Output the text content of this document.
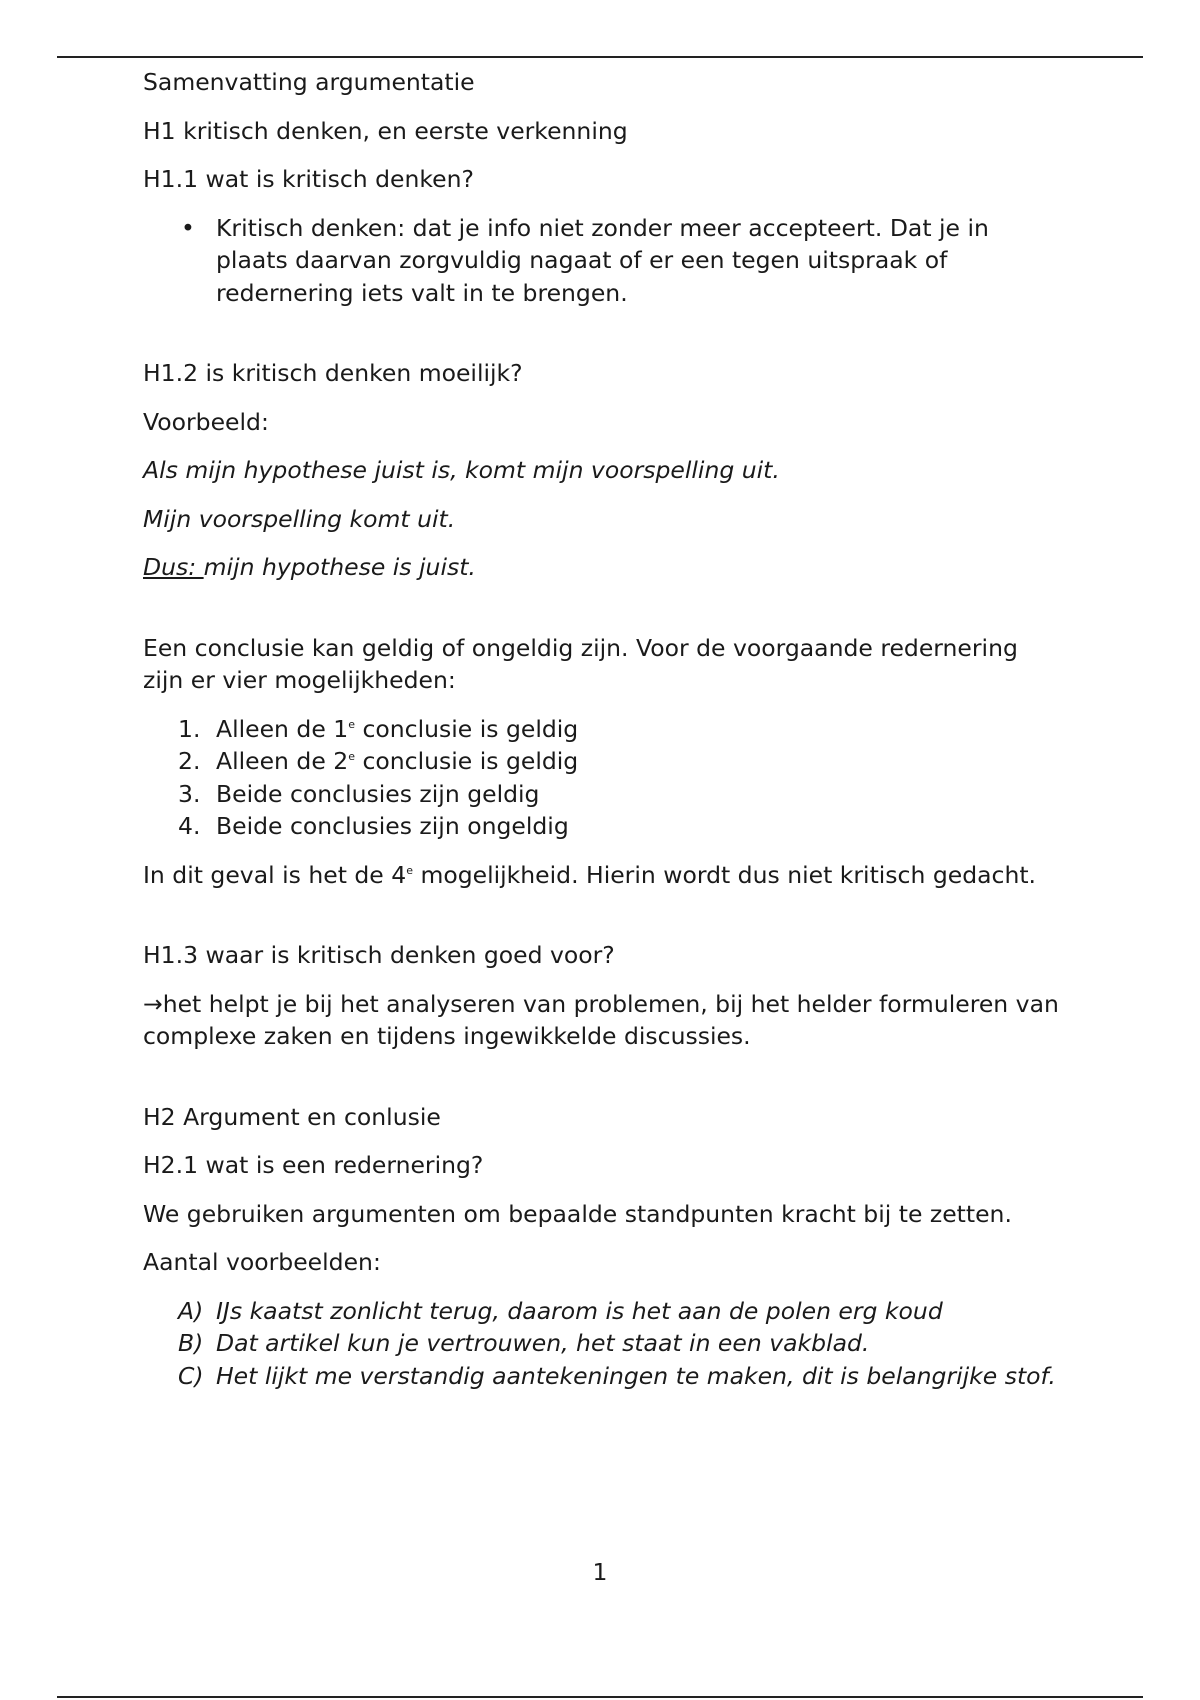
Samenvatting argumentatie

H1 kritisch denken, en eerste verkenning

H1.1 wat is kritisch denken?

• Kritisch denken: dat je info niet zonder meer accepteert. Dat je in plaats daarvan zorgvuldig nagaat of er een tegen uitspraak of redernering iets valt in te brengen.

H1.2 is kritisch denken moeilijk?

Voorbeeld:

Als mijn hypothese juist is, komt mijn voorspelling uit.

Mijn voorspelling komt uit.

Dus: mijn hypothese is juist.

Een conclusie kan geldig of ongeldig zijn. Voor de voorgaande redernering zijn er vier mogelijkheden:

1. Alleen de 1e conclusie is geldig
2. Alleen de 2e conclusie is geldig
3. Beide conclusies zijn geldig
4. Beide conclusies zijn ongeldig

In dit geval is het de 4e mogelijkheid. Hierin wordt dus niet kritisch gedacht.

H1.3 waar is kritisch denken goed voor?

→het helpt je bij het analyseren van problemen, bij het helder formuleren van complexe zaken en tijdens ingewikkelde discussies.

H2 Argument en conlusie

H2.1 wat is een redernering?

We gebruiken argumenten om bepaalde standpunten kracht bij te zetten.

Aantal voorbeelden:

A) IJs kaatst zonlicht terug, daarom is het aan de polen erg koud
B) Dat artikel kun je vertrouwen, het staat in een vakblad.
C) Het lijkt me verstandig aantekeningen te maken, dit is belangrijke stof.
1
